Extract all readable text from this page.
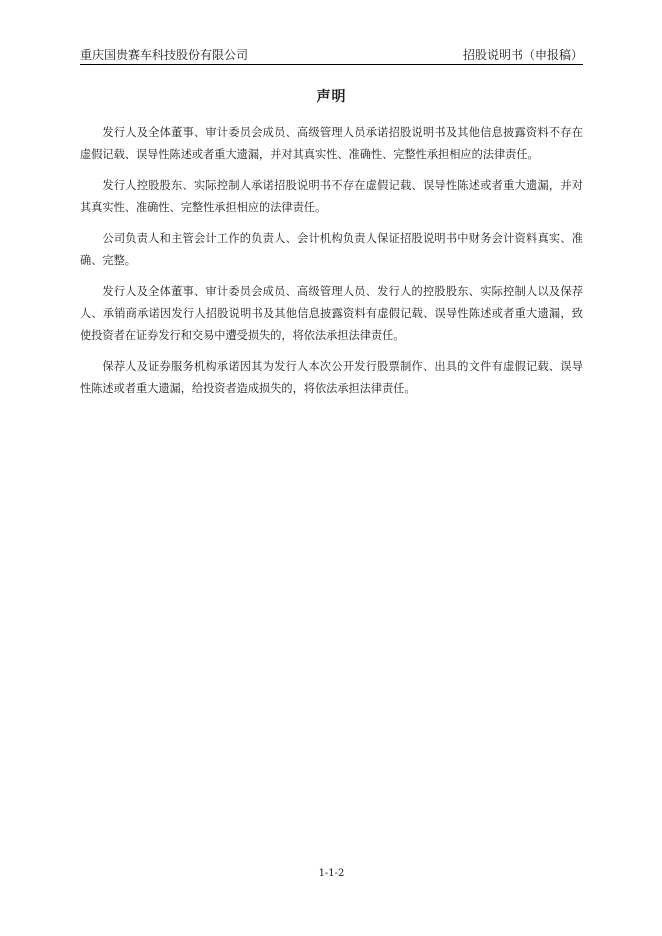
重庆国贵赛车科技股份有限公司	招股说明书（申报稿）
声明

发行人及全体董事、审计委员会成员、高级管理人员承诺招股说明书及其他信息披露资料不存在虚假记载、误导性陈述或者重大遗漏，并对其真实性、准确性、完整性承担相应的法律责任。

发行人控股股东、实际控制人承诺招股说明书不存在虚假记载、误导性陈述或者重大遗漏，并对其真实性、准确性、完整性承担相应的法律责任。

公司负责人和主管会计工作的负责人、会计机构负责人保证招股说明书中财务会计资料真实、准确、完整。

发行人及全体董事、审计委员会成员、高级管理人员、发行人的控股股东、实际控制人以及保荐人、承销商承诺因发行人招股说明书及其他信息披露资料有虚假记载、误导性陈述或者重大遗漏，致使投资者在证券发行和交易中遭受损失的，将依法承担法律责任。

保荐人及证券服务机构承诺因其为发行人本次公开发行股票制作、出具的文件有虚假记载、误导性陈述或者重大遗漏，给投资者造成损失的，将依法承担法律责任。

1-1-2
